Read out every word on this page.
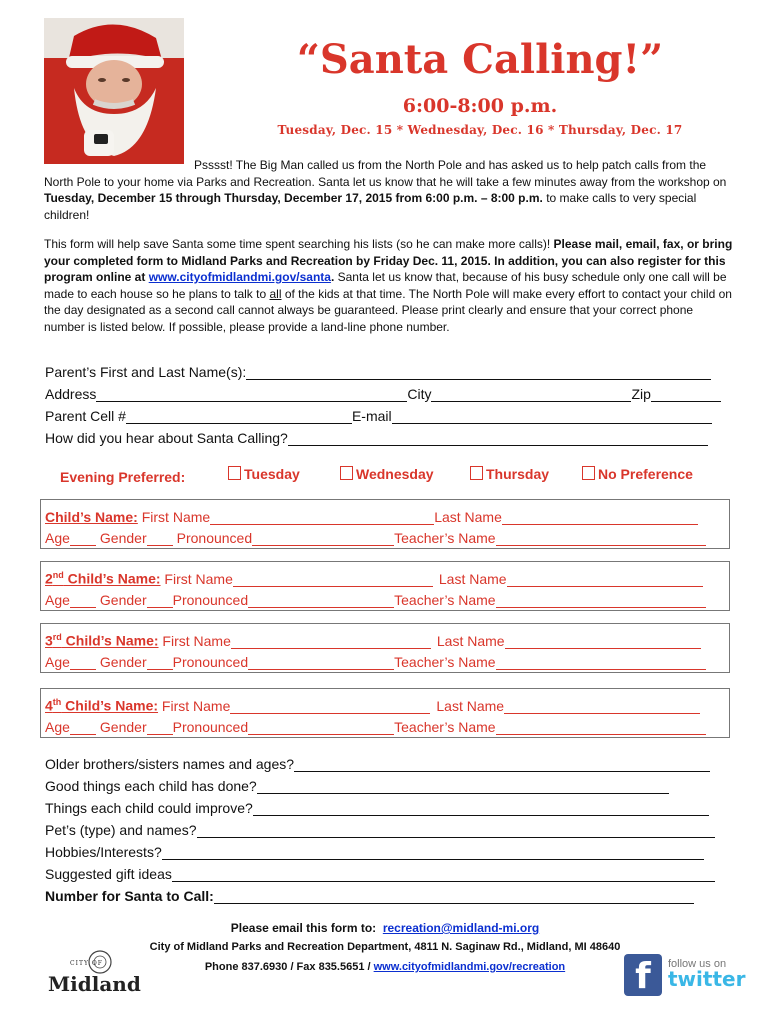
“Santa Calling!”
6:00-8:00 p.m.
Tuesday, Dec. 15 * Wednesday, Dec. 16 * Thursday, Dec. 17
Psssst! The Big Man called us from the North Pole and has asked us to help patch calls from the North Pole to your home via Parks and Recreation. Santa let us know that he will take a few minutes away from the workshop on Tuesday, December 15 through Thursday, December 17, 2015 from 6:00 p.m. – 8:00 p.m. to make calls to very special children!
This form will help save Santa some time spent searching his lists (so he can make more calls)! Please mail, email, fax, or bring your completed form to Midland Parks and Recreation by Friday Dec. 11, 2015. In addition, you can also register for this program online at www.cityofmidlandmi.gov/santa. Santa let us know that, because of his busy schedule only one call will be made to each house so he plans to talk to all of the kids at that time. The North Pole will make every effort to contact your child on the day designated as a second call cannot always be guaranteed. Please print clearly and ensure that your correct phone number is listed below. If possible, please provide a land-line phone number.
Parent’s First and Last Name(s):
Address	City	Zip
Parent Cell #	E-mail
How did you hear about Santa Calling?
Evening Preferred:	Tuesday	Wednesday	Thursday	No Preference
Child’s Name:
First Name	Last Name
Age Gender Pronounced	Teacher’s Name
2nd Child’s Name:
First Name	Last Name
Age Gender Pronounced	Teacher’s Name
3rd Child’s Name:
First Name	Last Name
Age Gender Pronounced	Teacher’s Name
4th Child’s Name:
First Name	Last Name
Age Gender Pronounced	Teacher’s Name
Older brothers/sisters names and ages?
Good things each child has done?
Things each child could improve?
Pet’s (type) and names?
Hobbies/Interests?
Suggested gift ideas
Number for Santa to Call:
Please email this form to: recreation@midland-mi.org
City of Midland Parks and Recreation Department, 4811 N. Saginaw Rd., Midland, MI 48640
Phone 837.6930 / Fax 835.5651 / www.cityofmidlandmi.gov/recreation
CITY OF
Midland	f	follow us on
twitter
